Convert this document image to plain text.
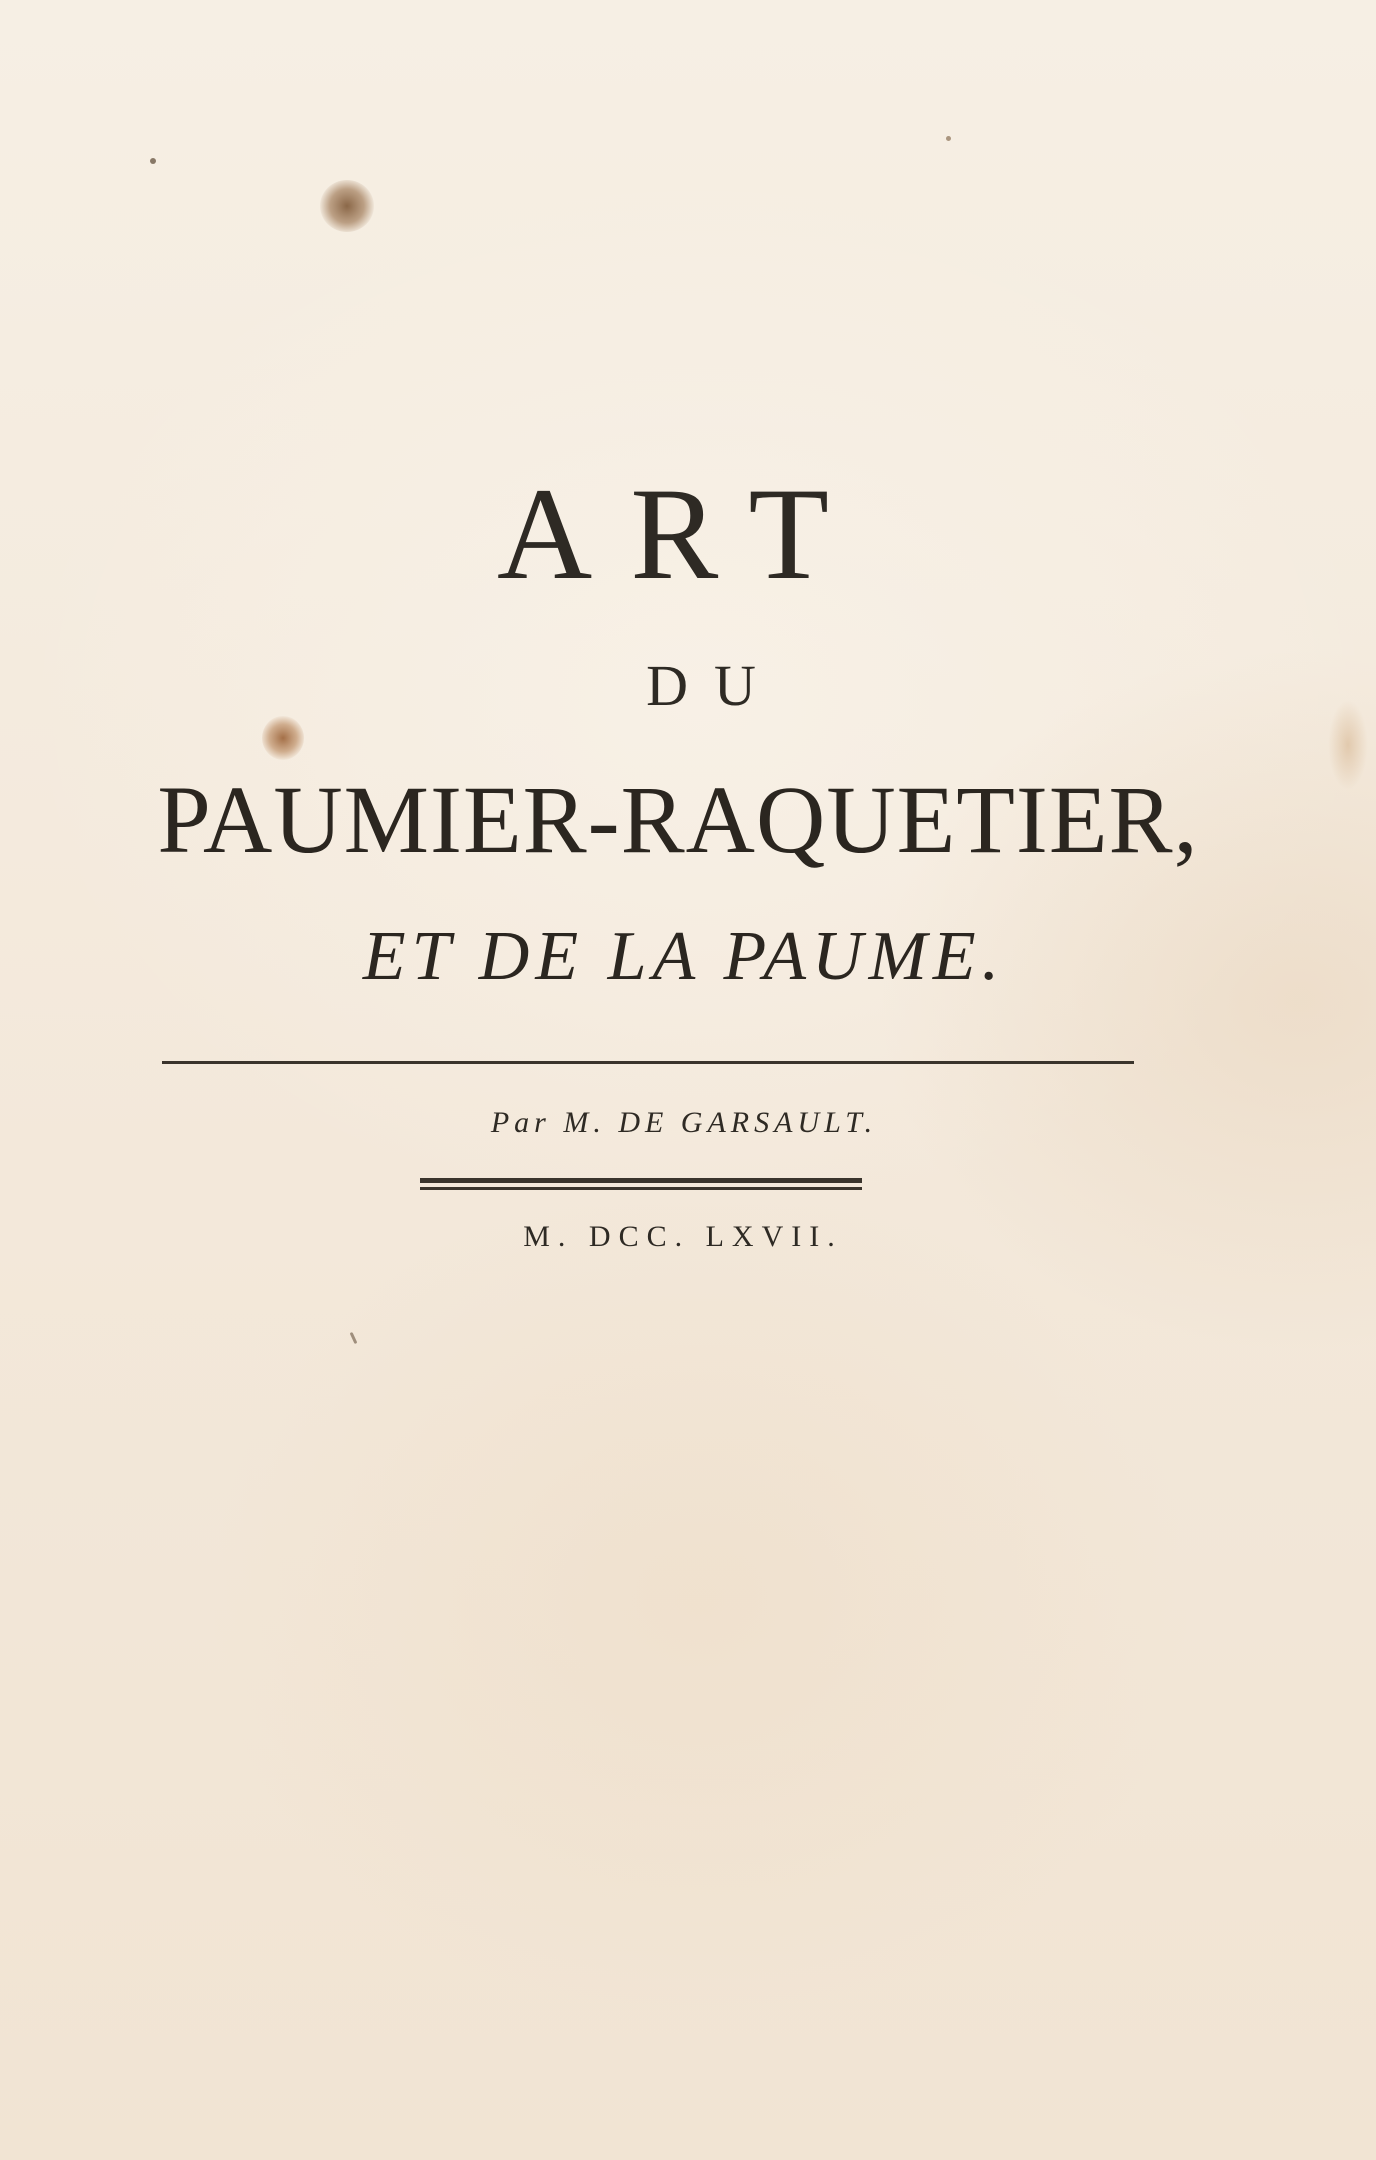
ART
DU
PAUMIER-RAQUETIER,
ET DE LA PAUME.
Par M. DE GARSAULT.
M. DCC. LXVII.
